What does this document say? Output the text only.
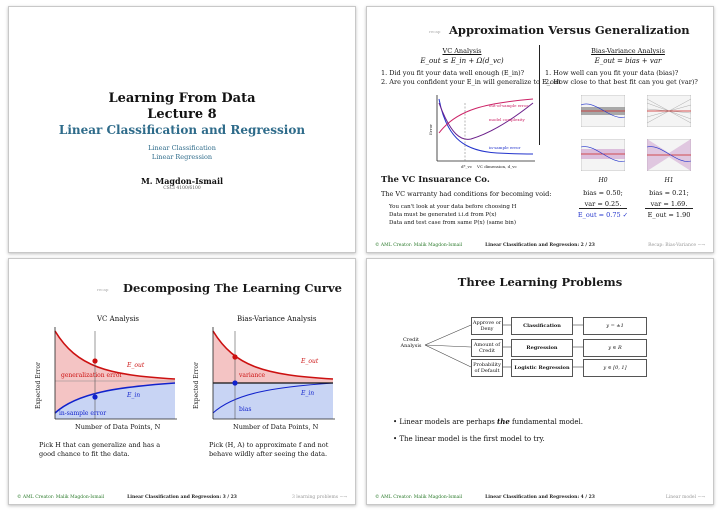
Learning From Data
Lecture 8
Linear Classification and Regression
Linear Classification
Linear Regression
M. Magdon-Ismail
CSCI 4100/6100
recap Approximation Versus Generalization
VC Analysis	Bias-Variance Analysis
E_out ≤ E_in + Ω(d_vc)	E_out = bias + var
1. Did you fit your data well enough (E_in)?
2. Are you confident your E_in will generalize to E_out
1. How well can you fit your data (bias)?
2. How close to that best fit can you get (var)?
out-of-sample error
model complexity
in-sample error
Error
VC dimension, d_vc
d*_vc
The VC Insuarance Co.
The VC warranty had conditions for becoming void:
You can't look at your data before choosing H
Data must be generated i.i.d from P(x)
Data and test case from same P(x) (same bin)
H0	H1
bias = 0.50;	bias = 0.21;
var = 0.25.	var = 1.69.
E_out = 0.75 ✓	E_out = 1.90
© AML Creator: Malik Magdon-Ismail	Linear Classification and Regression: 2 / 23	Recap: Bias-Variance −→
recap Decomposing The Learning Curve
VC Analysis	Bias-Variance Analysis
E_out
generalization error
E_in
in-sample error
Expected Error
Number of Data Points, N
E_out
variance
E_in
bias
Expected Error
Number of Data Points, N
Pick H that can generalize and has a good chance to fit the data.
Pick (H, A) to approximate f and not behave wildly after seeing the data.
© AML Creator: Malik Magdon-Ismail	Linear Classification and Regression: 3 / 23	3 learning problems −→
Three Learning Problems
Credit Analysis
Approve or Deny
Amount of Credit
Probability of Default
Classification
Regression
Logistic Regression
y = ±1
y ∈ R
y ∈ [0, 1]
• Linear models are perhaps the fundamental model.
• The linear model is the first model to try.
© AML Creator: Malik Magdon-Ismail	Linear Classification and Regression: 4 / 23	Linear model −→
